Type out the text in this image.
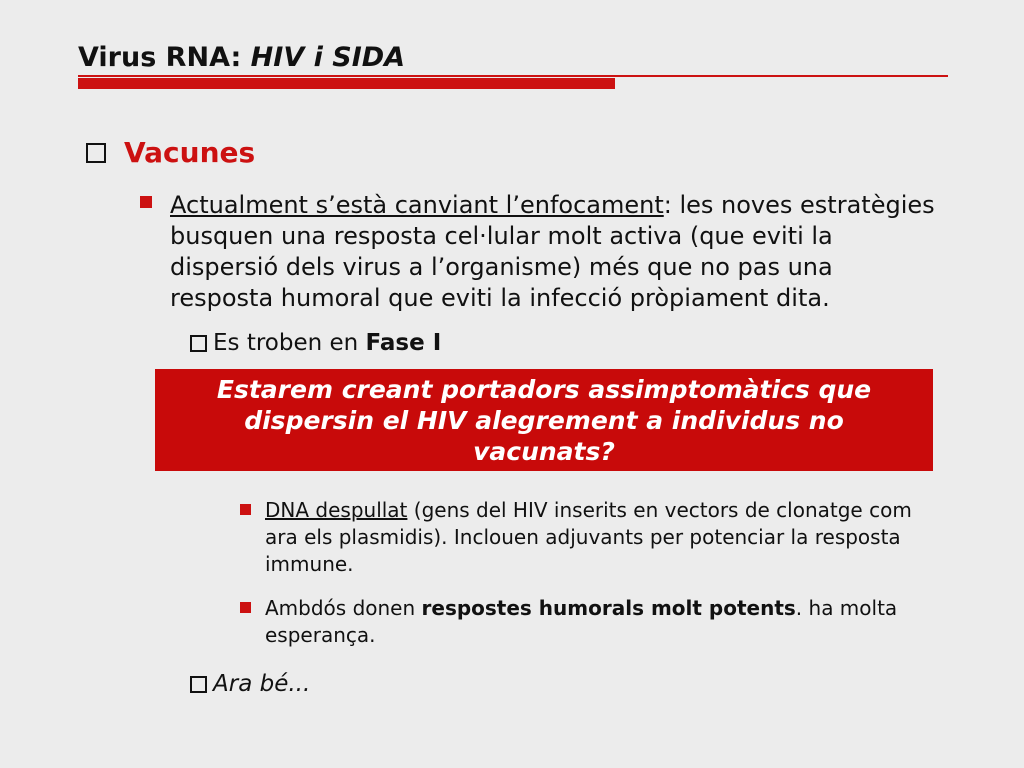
Virus RNA: HIV i SIDA
Vacunes
Actualment s’està canviant l’enfocament: les noves estratègies busquen una resposta cel·lular molt activa (que eviti la dispersió dels virus a l’organisme) més que no pas una resposta humoral que eviti la infecció pròpiament dita.
Es troben en Fase I
DNA despullat (gens del HIV inserits en vectors de clonatge com ara els plasmidis). Inclouen adjuvants per potenciar la resposta immune.
Ambdós donen respostes humorals molt potents. ha molta esperança.
Ara bé...
Estarem creant portadors assimptomàtics que dispersin el HIV alegrement a individus no vacunats?
